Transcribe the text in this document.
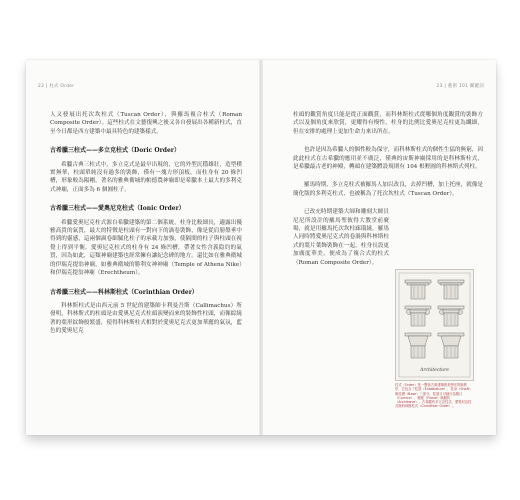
22 | 柱式 Order

人又發展出托次坎柱式（Tuscan Order），與羅馬複合柱式（Roman Composite Order）。這些柱式在文藝復興之後又各自發展出各種新柱式，直至今日都是西方建築中最具特色的建築樣式。

古希臘三柱式——多立克柱式（Doric Order）

希臘古典三柱式中，多立克式是最早出現的，它的外型沉穩雄壯，造型樸實無華，柱頭單純沒有過多的裝飾，僅有一塊方形頂板。而柱身有 20 條凹槽，形象較為陽剛，著名的雅典衛城的帕德農神廟即是希臘本土最大的多利克式神廟，正面多為 6 個圓柱子。

古希臘三柱式——愛奧尼克柱式（Ionic Order）

希臘愛奧尼克柱式源自希臘建築的第二個系統，柱身比較細長，適露出優雅高貴的氣質，最大的特徵是柱頭有一對向下的渦卷裝飾，像是從肩膀盤垂中得到的靈感，這兩個渦卷細膩化柱子的承載力加強，使隔間的柱子與柱頭在視覺上得到平衡。愛奧尼克柱式的柱身有 24 條凹槽，帶著女性含義隐約的氣質，因為如此，這類神廟建築也經常擁有讓紀念碑的地方。還比如在雅典衛城的伊瑞克提翁神廟，如雅典衛城的勝利女神神廟（Temple of Athena Nike）和伊瑞克提翁神廟（Erechtheum）。

古希臘三柱式——科林斯柱式（Corinthian Order）

科林斯柱式是由西元前 5 世紀的建築師卡利曼吾斯（Callimachus）所發明，科林斯式的柱頭是由愛奧尼克式柱頭演變而來的裝飾性柱頭，而像綜繞著的葉形紋飾般繁盛，使得科林斯柱式相對於愛奧尼克式更加華麗的氣氛，藍色的愛奧尼克

23 | 藝術 101 關鍵詞

柱頭的觀賞角度只能是從正面觀賞，而科林斯柱式從哪個角度觀賞的裝飾方式以及個角度來欣賞，更耀得有慢性，柱身的比例比愛奧尼克柱更為纖細，但在安排的處理上更加生命力來出所在。

也許是因為希臘人的個性較為保守，而科林斯柱式的個性生猛的無窮，因此此柱式在古希臘的應用並不廣泛，僅典的宙斯神廟採用的是科林斯柱式，是希臘最古老的神殿，轉頭在建築體設規則有 104 根輕圓的科林斯式列柱。

羅馬時期，多立克柱式被羅馬人加以改良，去掉凹槽，加上托座，就像是簡化版的多利克柱式，也被稱為了托次坎柱式（Tuscan Order）。

已改充時期建築大師和雕刻大師貝尼尼所設計的羅馬聖彼得大教堂前廣場，就是用羅馬托次坎柱廊環繞。羅馬人同時將愛奧尼克式的卷渦與科林斯柱式的葉片葉飾裝飾在一起，柱身長設更加廣度華美，便成為了複合式的柱式（Roman Composite Order）。

Architecture
柱式（Order）是一整套古典建築的美學法則與秩序，它包含了柱頂（Entablature）、柱身（Shaft）與柱礎（Base）三部分，柱頂又可細分為檐口（Cornice）、檐壁（Frieze）與額枋（Architrave）。古希臘有多立克柱式、愛奧尼克柱式與科林斯柱式（Corinthian Order）。
